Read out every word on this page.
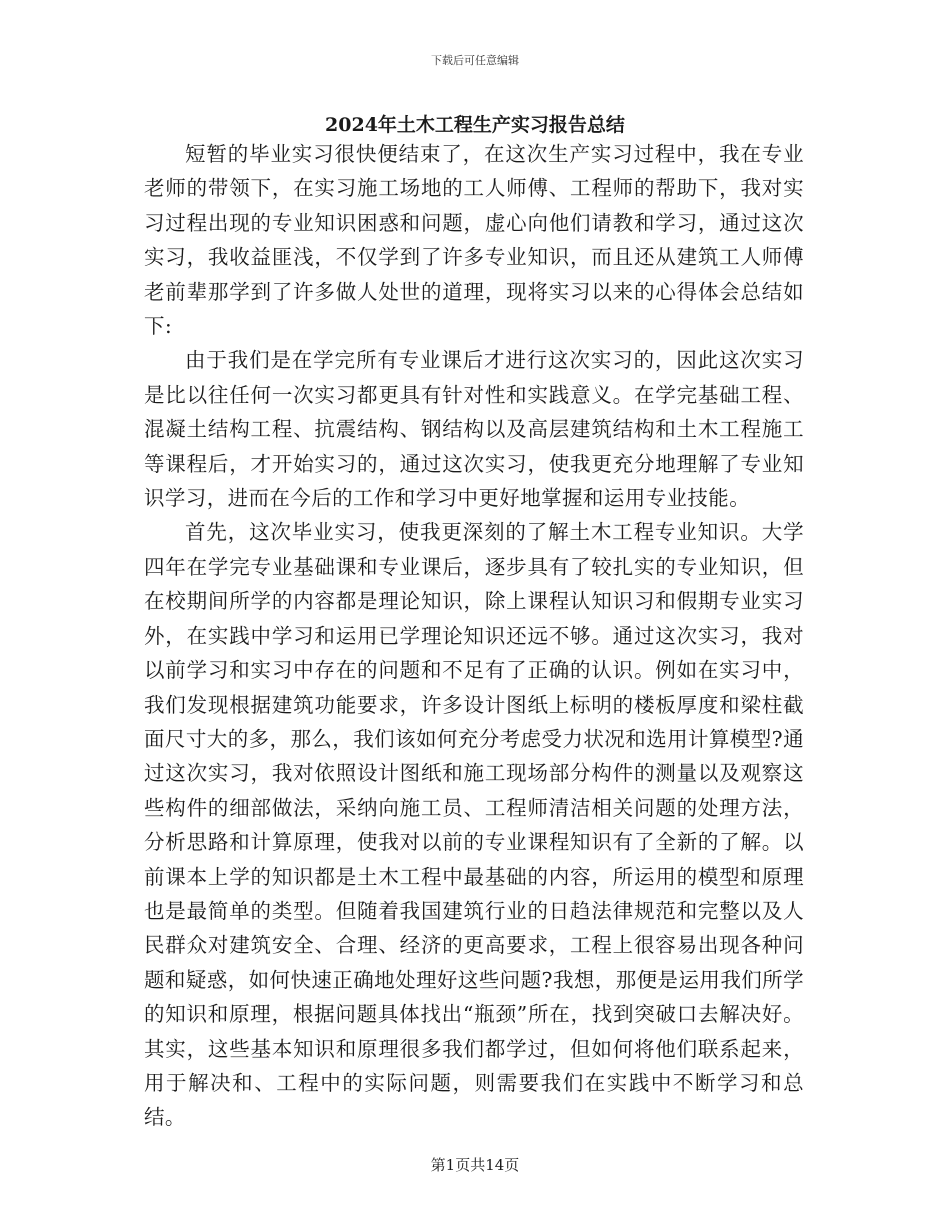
下载后可任意编辑
2024年土木工程生产实习报告总结

短暂的毕业实习很快便结束了，在这次生产实习过程中，我在专业老师的带领下，在实习施工场地的工人师傅、工程师的帮助下，我对实习过程出现的专业知识困惑和问题，虚心向他们请教和学习，通过这次实习，我收益匪浅，不仅学到了许多专业知识，而且还从建筑工人师傅老前辈那学到了许多做人处世的道理，现将实习以来的心得体会总结如下:

由于我们是在学完所有专业课后才进行这次实习的，因此这次实习是比以往任何一次实习都更具有针对性和实践意义。在学完基础工程、混凝土结构工程、抗震结构、钢结构以及高层建筑结构和土木工程施工等课程后，才开始实习的，通过这次实习，使我更充分地理解了专业知识学习，进而在今后的工作和学习中更好地掌握和运用专业技能。

首先，这次毕业实习，使我更深刻的了解土木工程专业知识。大学四年在学完专业基础课和专业课后，逐步具有了较扎实的专业知识，但在校期间所学的内容都是理论知识，除上课程认知识习和假期专业实习外，在实践中学习和运用已学理论知识还远不够。通过这次实习，我对以前学习和实习中存在的问题和不足有了正确的认识。例如在实习中，我们发现根据建筑功能要求，许多设计图纸上标明的楼板厚度和梁柱截面尺寸大的多，那么，我们该如何充分考虑受力状况和选用计算模型?通过这次实习，我对依照设计图纸和施工现场部分构件的测量以及观察这些构件的细部做法，采纳向施工员、工程师清洁相关问题的处理方法，分析思路和计算原理，使我对以前的专业课程知识有了全新的了解。以前课本上学的知识都是土木工程中最基础的内容，所运用的模型和原理也是最简单的类型。但随着我国建筑行业的日趋法律规范和完整以及人民群众对建筑安全、合理、经济的更高要求，工程上很容易出现各种问题和疑惑，如何快速正确地处理好这些问题?我想，那便是运用我们所学的知识和原理，根据问题具体找出“瓶颈”所在，找到突破口去解决好。其实，这些基本知识和原理很多我们都学过，但如何将他们联系起来，用于解决和、工程中的实际问题，则需要我们在实践中不断学习和总结。

第1页共14页
